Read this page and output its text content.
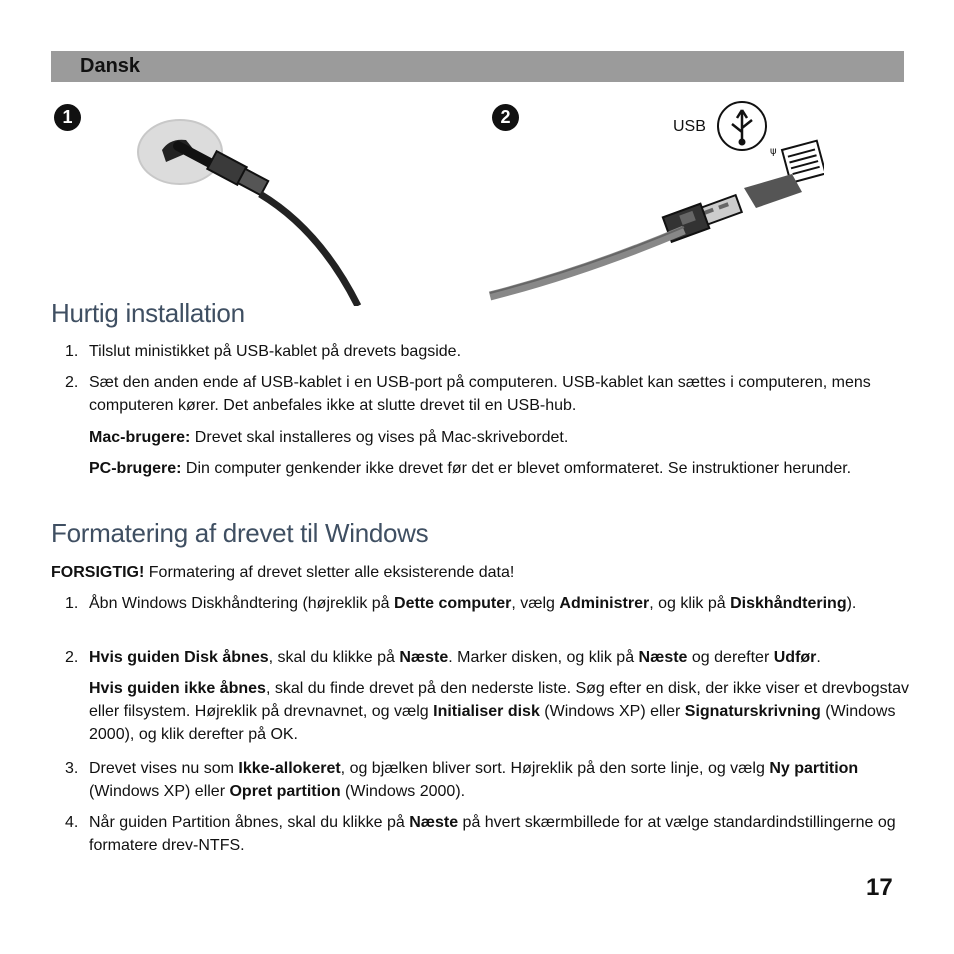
Dansk
1	2
ψ
USB
Hurtig installation
1. Tilslut ministikket på USB-kablet på drevets bagside.
2. Sæt den anden ende af USB-kablet i en USB-port på computeren. USB-kablet kan sættes i computeren, mens computeren kører. Det anbefales ikke at slutte drevet til en USB-hub.
Mac-brugere: Drevet skal installeres og vises på Mac-skrivebordet.
PC-brugere: Din computer genkender ikke drevet før det er blevet omformateret. Se instruktioner herunder.
Formatering af drevet til Windows
FORSIGTIG! Formatering af drevet sletter alle eksisterende data!
1. Åbn Windows Diskhåndtering (højreklik på Dette computer, vælg Administrer, og klik på Diskhåndtering).
2. Hvis guiden Disk åbnes, skal du klikke på Næste. Marker disken, og klik på Næste og derefter Udfør.
Hvis guiden ikke åbnes, skal du finde drevet på den nederste liste. Søg efter en disk, der ikke viser et drevbogstav eller filsystem. Højreklik på drevnavnet, og vælg Initialiser disk (Windows XP) eller Signaturskrivning (Windows 2000), og klik derefter på OK.
3. Drevet vises nu som Ikke-allokeret, og bjælken bliver sort. Højreklik på den sorte linje, og vælg Ny partition (Windows XP) eller Opret partition (Windows 2000).
4. Når guiden Partition åbnes, skal du klikke på Næste på hvert skærmbillede for at vælge standardindstillingerne og formatere drev-NTFS.
17
